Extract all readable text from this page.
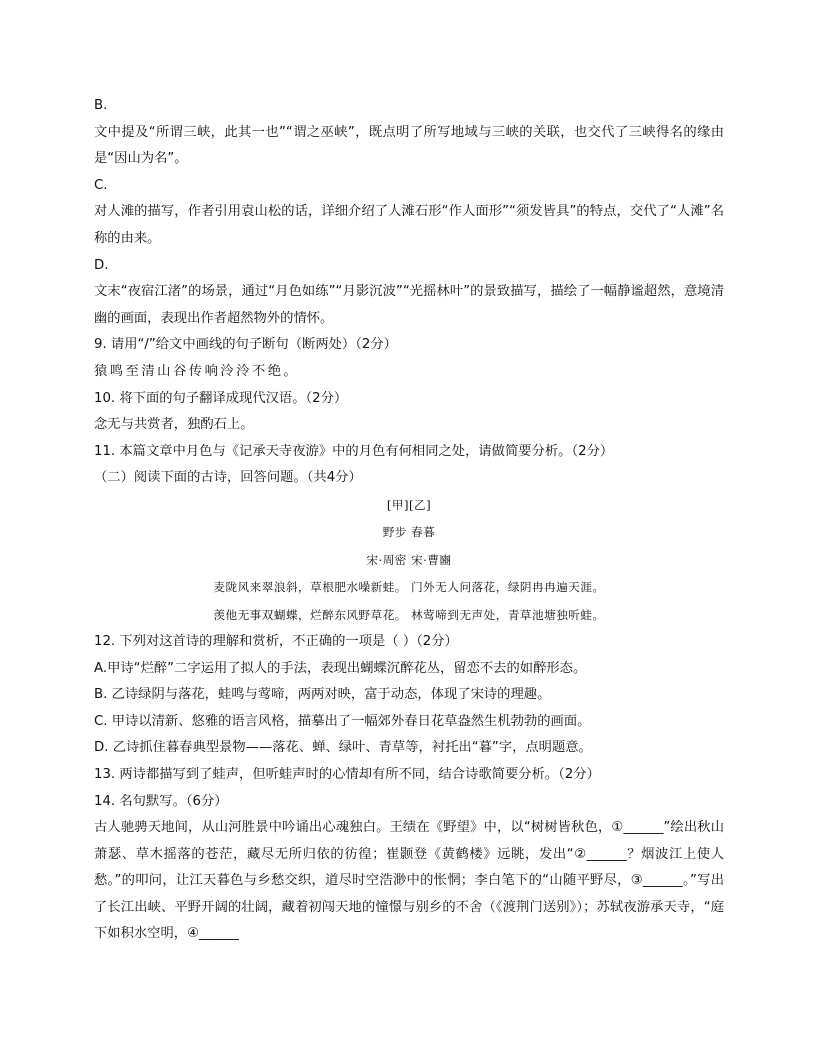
B.
文中提及“所谓三峡，此其一也”“谓之巫峡”，既点明了所写地域与三峡的关联，也交代了三峡得名的缘由是“因山为名”。
C.
对人滩的描写，作者引用袁山松的话，详细介绍了人滩石形“作人面形”“须发皆具”的特点，交代了“人滩”名称的由来。
D.
文末“夜宿江渚”的场景，通过“月色如练”“月影沉波”“光摇林叶”的景致描写，描绘了一幅静谧超然，意境清幽的画面，表现出作者超然物外的情怀。
9. 请用“/”给文中画线的句子断句（断两处）（2分）
猿鸣至清山谷传响泠泠不绝。
10. 将下面的句子翻译成现代汉语。（2分）
念无与共赏者，独酌石上。
11. 本篇文章中月色与《记承天寺夜游》中的月色有何相同之处，请做简要分析。（2分）
（二）阅读下面的古诗，回答问题。（共4分）
[甲][乙]
野步 春暮
宋·周密 宋·曹豳
麦陇风来翠浪斜，草根肥水噪新蛙。 门外无人问落花，绿阴冉冉遍天涯。
羡他无事双蝴蝶，烂醉东风野草花。 林莺啼到无声处，青草池塘独听蛙。
12. 下列对这首诗的理解和赏析，不正确的一项是（ ）（2分）
A.甲诗“烂醉”二字运用了拟人的手法，表现出蝴蝶沉醉花丛，留恋不去的如醉形态。
B. 乙诗绿阴与落花，蛙鸣与莺啼，两两对映，富于动态，体现了宋诗的理趣。
C. 甲诗以清新、悠雅的语言风格，描摹出了一幅郊外春日花草盎然生机勃勃的画面。
D. 乙诗抓住暮春典型景物——落花、蝉、绿叶、青草等，衬托出“暮”字，点明题意。
13. 两诗都描写到了蛙声，但听蛙声时的心情却有所不同，结合诗歌简要分析。（2分）
14. 名句默写。（6分）
古人驰骋天地间，从山河胜景中吟诵出心魂独白。王绩在《野望》中，以“树树皆秋色，①______”绘出秋山萧瑟、草木摇落的苍茫，藏尽无所归依的彷徨；崔颢登《黄鹤楼》远眺，发出“②______？烟波江上使人愁。”的叩问，让江天暮色与乡愁交织，道尽时空浩渺中的怅惘；李白笔下的“山随平野尽，③______。”写出了长江出峡、平野开阔的壮阔，藏着初闯天地的憧憬与别乡的不舍（《渡荆门送别》）；苏轼夜游承天寺，“庭下如积水空明，④______
